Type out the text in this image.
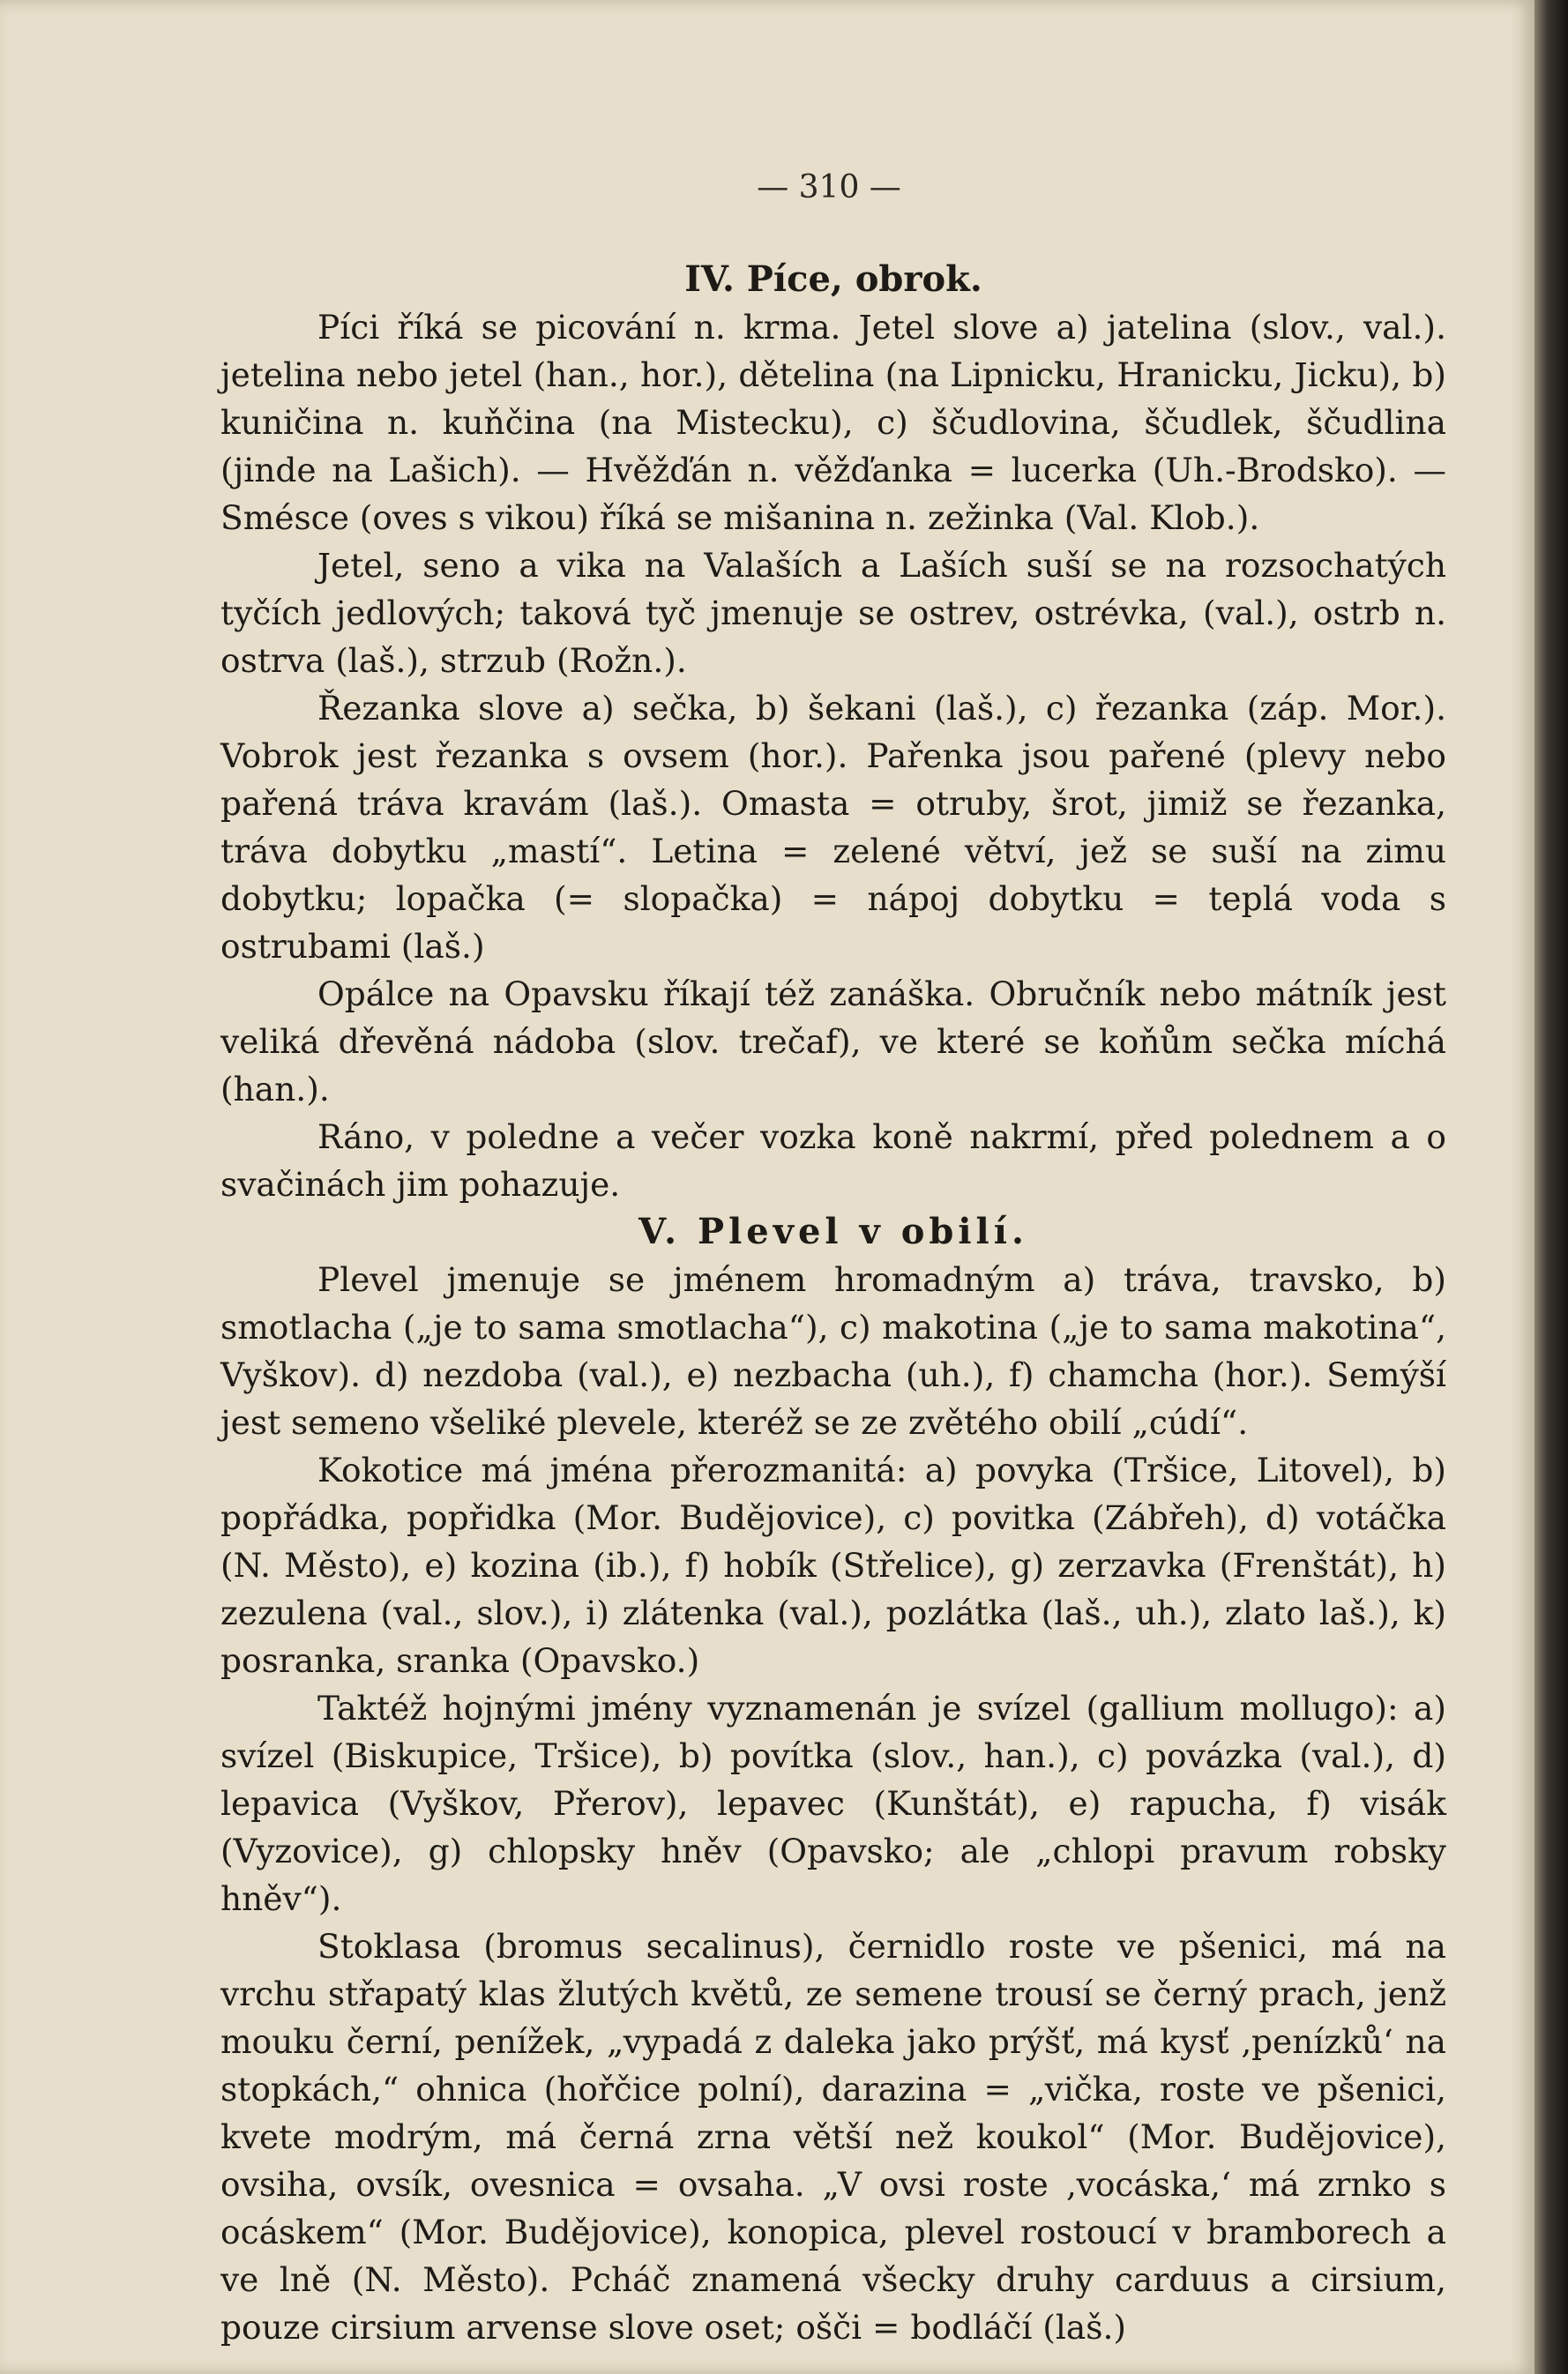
— 310 —
IV. Píce, obrok.

Píci říká se picování n. krma. Jetel slove a) jatelina (slov., val.). jetelina nebo jetel (han., hor.), dětelina (na Lipnicku, Hranicku, Jicku), b) kuničina n. kuňčina (na Mistecku), c) ščudlovina, ščudlek, ščudlina (jinde na Lašich). — Hvěžďán n. věžďanka = lucerka (Uh.-Brodsko). — Smésce (oves s vikou) říká se mišanina n. zežinka (Val. Klob.).

Jetel, seno a vika na Valaších a Laších suší se na rozsochatých tyčích jedlových; taková tyč jmenuje se ostrev, ostrévka, (val.), ostrb n. ostrva (laš.), strzub (Rožn.).

Řezanka slove a) sečka, b) šekani (laš.), c) řezanka (záp. Mor.). Vobrok jest řezanka s ovsem (hor.). Pařenka jsou pařené (plevy nebo pařená tráva kravám (laš.). Omasta = otruby, šrot, jimiž se řezanka, tráva dobytku „mastí“. Letina = zelené větví, jež se suší na zimu dobytku; lopačka (= slopačka) = nápoj dobytku = teplá voda s ostrubami (laš.)

Opálce na Opavsku říkají též zanáška. Obručník nebo mátník jest veliká dřevěná nádoba (slov. trečaf), ve které se koňům sečka míchá (han.).

Ráno, v poledne a večer vozka koně nakrmí, před polednem a o svačinách jim pohazuje.

V. Plevel v obilí.

Plevel jmenuje se jménem hromadným a) tráva, travsko, b) smotlacha („je to sama smotlacha“), c) makotina („je to sama makotina“, Vyškov). d) nezdoba (val.), e) nezbacha (uh.), f) chamcha (hor.). Semýší jest semeno všeliké plevele, kteréž se ze zvětého obilí „cúdí“.

Kokotice má jména přerozmanitá: a) povyka (Tršice, Litovel), b) popřádka, popřidka (Mor. Budějovice), c) povitka (Zábřeh), d) votáčka (N. Město), e) kozina (ib.), f) hobík (Střelice), g) zerzavka (Frenštát), h) zezulena (val., slov.), i) zlátenka (val.), pozlátka (laš., uh.), zlato laš.), k) posranka, sranka (Opavsko.)

Taktéž hojnými jmény vyznamenán je svízel (gallium mollugo): a) svízel (Biskupice, Tršice), b) povítka (slov., han.), c) povázka (val.), d) lepavica (Vyškov, Přerov), lepavec (Kunštát), e) rapucha, f) visák (Vyzovice), g) chlopsky hněv (Opavsko; ale „chlopi pravum robsky hněv“).

Stoklasa (bromus secalinus), černidlo roste ve pšenici, má na vrchu střapatý klas žlutých květů, ze semene trousí se černý prach, jenž mouku černí, penížek, „vypadá z daleka jako prýšť, má kysť ‚penízků‘ na stopkách,“ ohnica (hořčice polní), darazina = „vička, roste ve pšenici, kvete modrým, má černá zrna větší než koukol“ (Mor. Budějovice), ovsiha, ovsík, ovesnica = ovsaha. „V ovsi roste ‚vocáska,‘ má zrnko s ocáskem“ (Mor. Budějovice), konopica, plevel rostoucí v bramborech a ve lně (N. Město). Pcháč znamená všecky druhy carduus a cirsium, pouze cirsium arvense slove oset; ošči = bodláčí (laš.)
